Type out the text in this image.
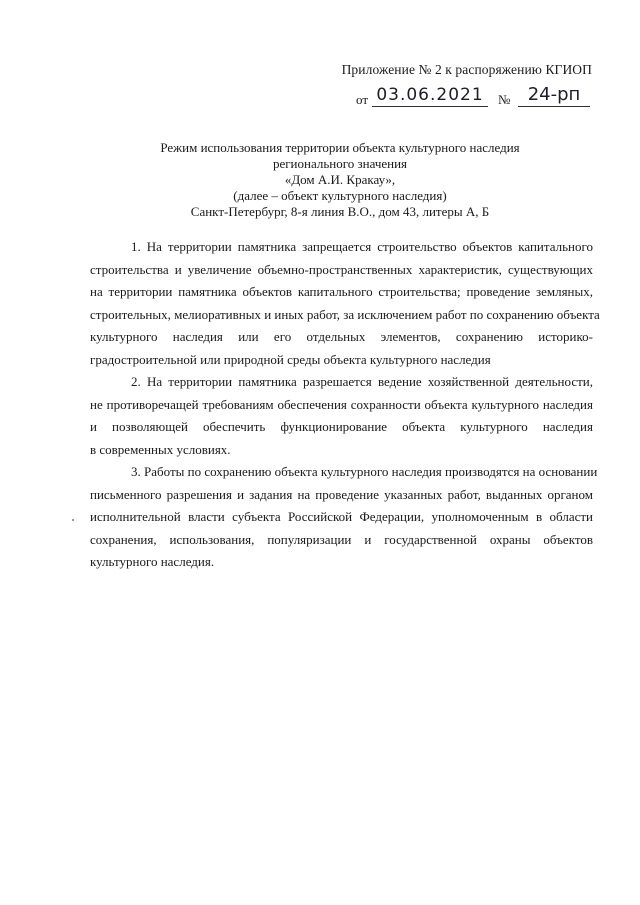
Приложение № 2 к распоряжению КГИОП
от 03.06.2021	№ 24-рп
Режим использования территории объекта культурного наследия
регионального значения
«Дом А.И. Кракау»,
(далее – объект культурного наследия)
Санкт-Петербург, 8-я линия В.О., дом 43, литеры А, Б
1. На территории памятника запрещается строительство объектов капитального
строительства и увеличение объемно-пространственных характеристик, существующих
на территории памятника объектов капитального строительства; проведение земляных,
строительных, мелиоративных и иных работ, за исключением работ по сохранению объекта
культурного наследия или его отдельных элементов, сохранению историко-
градостроительной или природной среды объекта культурного наследия
2. На территории памятника разрешается ведение хозяйственной деятельности,
не противоречащей требованиям обеспечения сохранности объекта культурного наследия
и позволяющей обеспечить функционирование объекта культурного наследия
в современных условиях.
3. Работы по сохранению объекта культурного наследия производятся на основании
письменного разрешения и задания на проведение указанных работ, выданных органом
исполнительной власти субъекта Российской Федерации, уполномоченным в области
сохранения, использования, популяризации и государственной охраны объектов
культурного наследия.
